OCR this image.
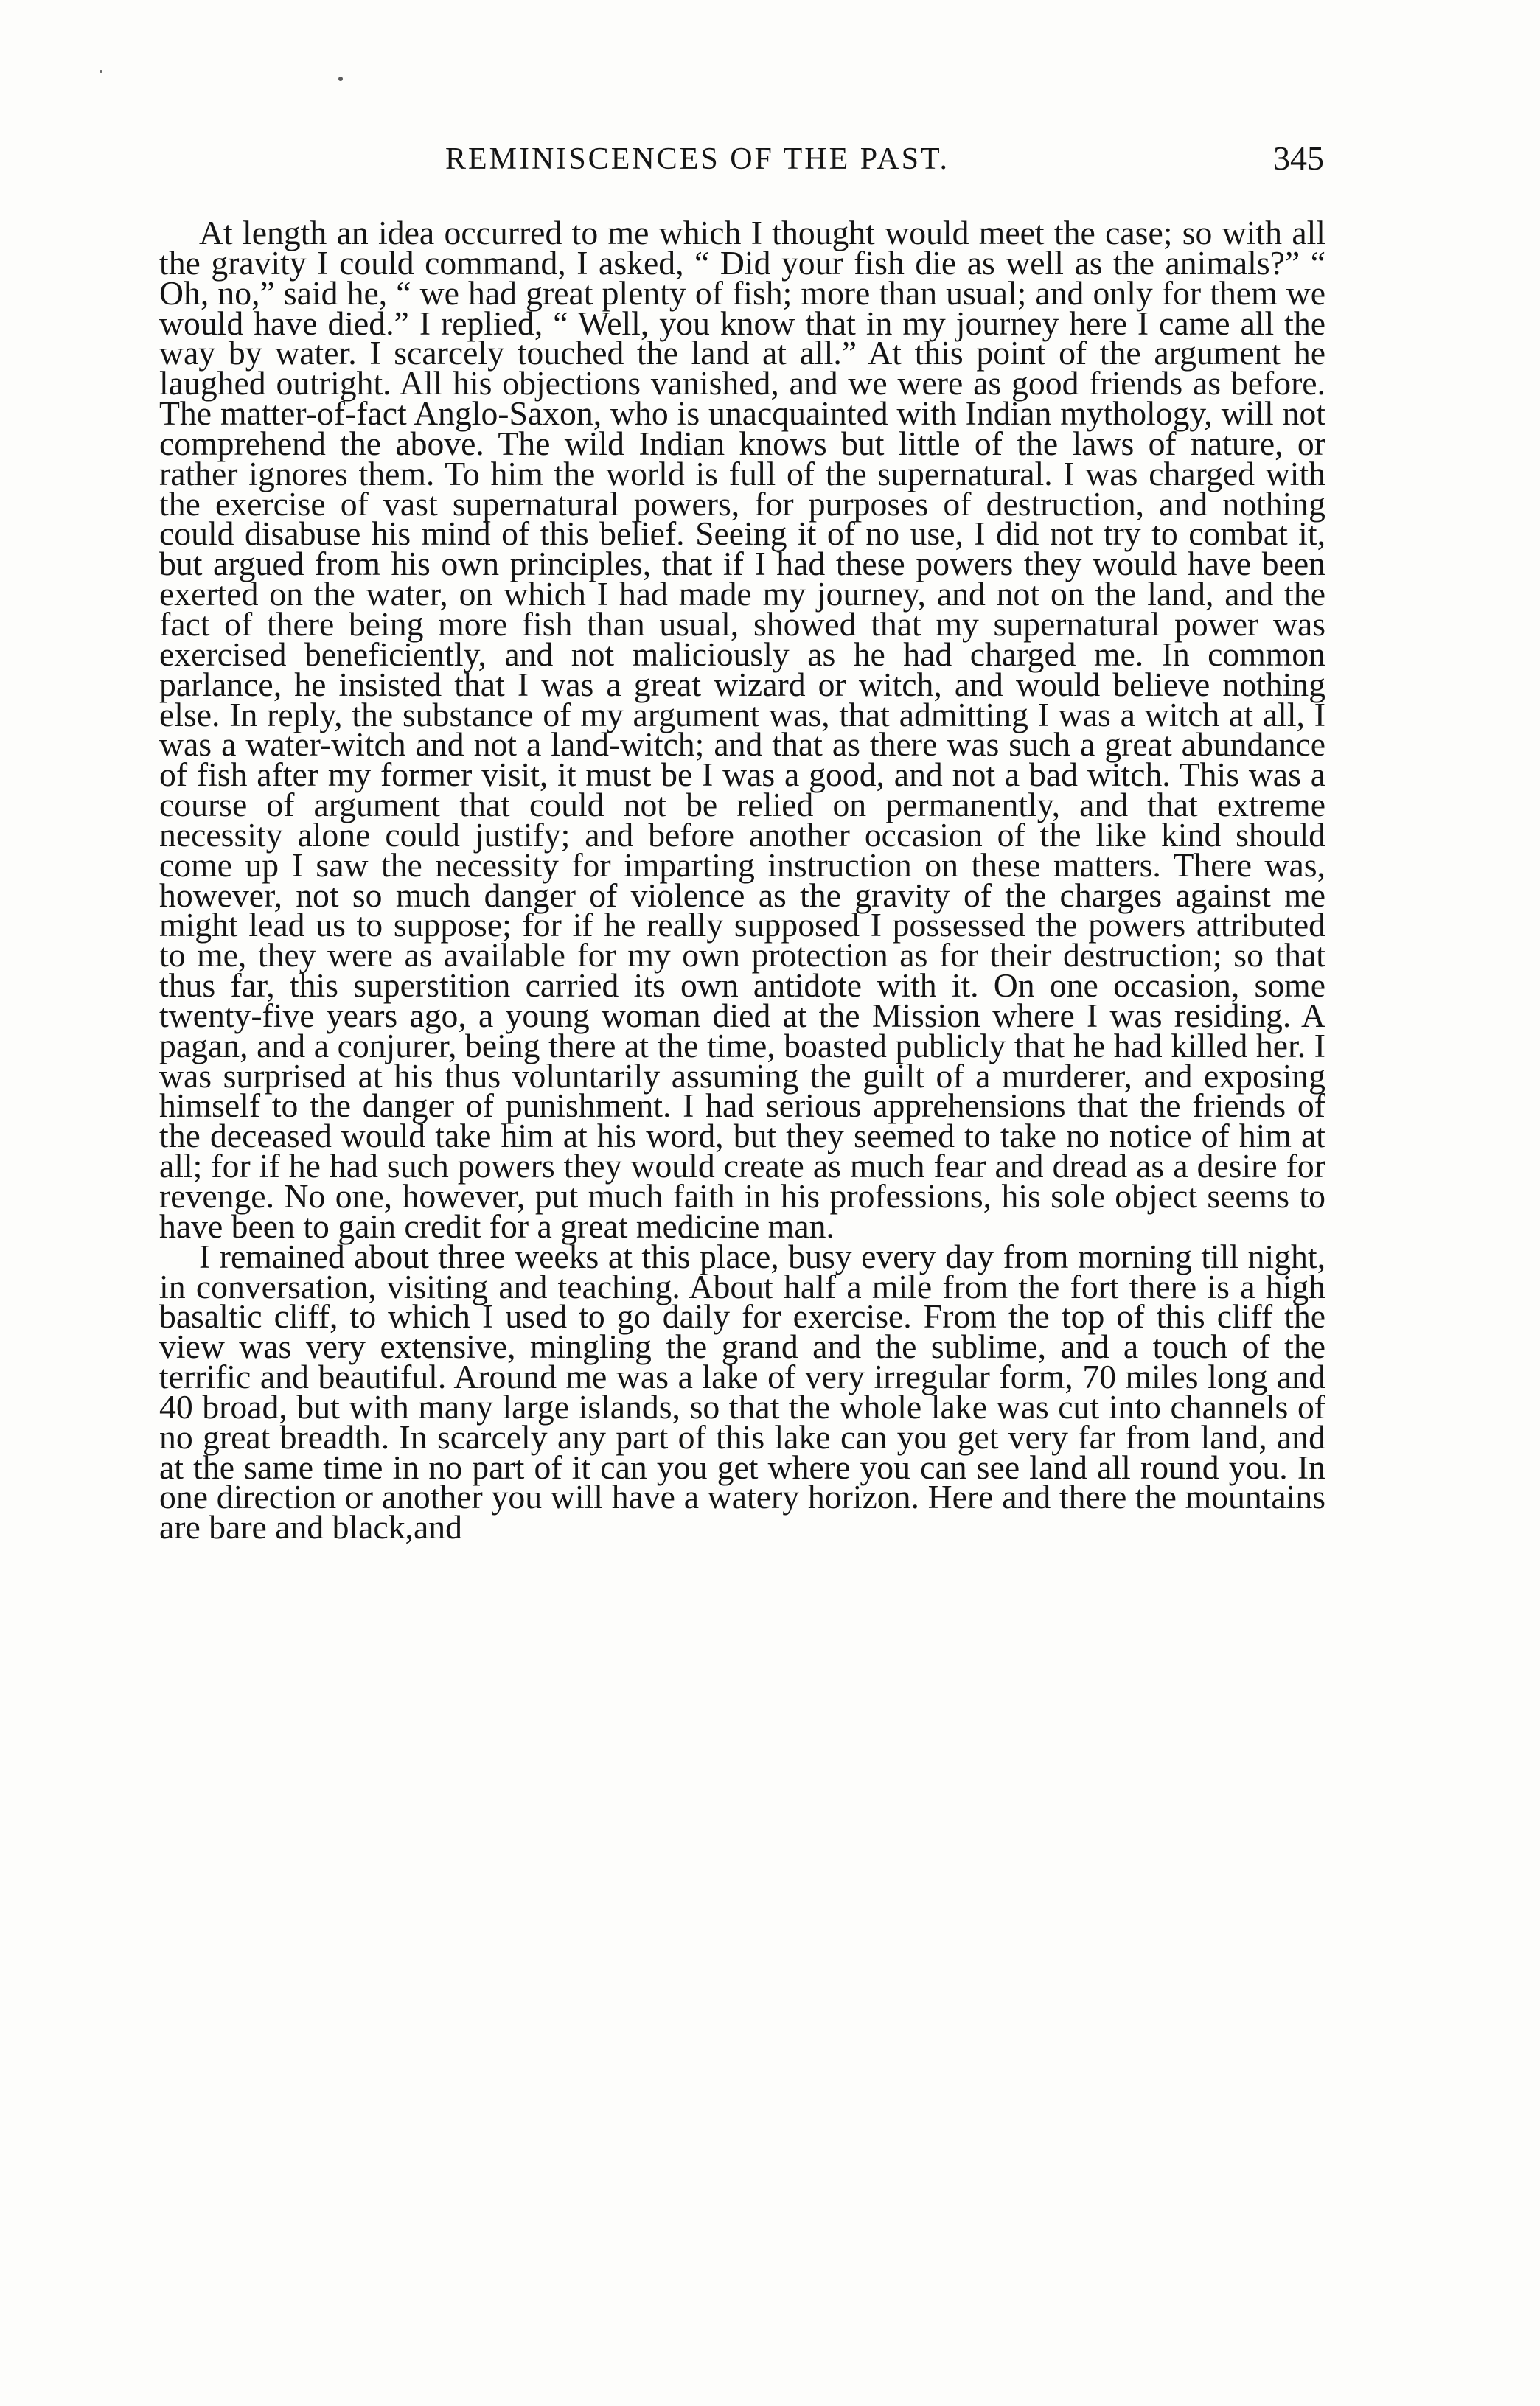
REMINISCENCES OF THE PAST.	345

At length an idea occurred to me which I thought would meet the case; so with all the gravity I could command, I asked, “ Did your fish die as well as the animals?” “ Oh, no,” said he, “ we had great plenty of fish; more than usual; and only for them we would have died.” I replied, “ Well, you know that in my journey here I came all the way by water. I scarcely touched the land at all.” At this point of the argument he laughed outright. All his objections vanished, and we were as good friends as before. The matter-of-fact Anglo-Saxon, who is unacquainted with Indian mythology, will not comprehend the above. The wild Indian knows but little of the laws of nature, or rather ignores them. To him the world is full of the supernatural. I was charged with the exercise of vast supernatural powers, for purposes of destruction, and nothing could disabuse his mind of this belief. Seeing it of no use, I did not try to combat it, but argued from his own principles, that if I had these powers they would have been exerted on the water, on which I had made my journey, and not on the land, and the fact of there being more fish than usual, showed that my supernatural power was exercised beneficiently, and not maliciously as he had charged me. In common parlance, he insisted that I was a great wizard or witch, and would believe nothing else. In reply, the substance of my argument was, that admitting I was a witch at all, I was a water-witch and not a land-witch; and that as there was such a great abundance of fish after my former visit, it must be I was a good, and not a bad witch. This was a course of argument that could not be relied on permanently, and that extreme necessity alone could justify; and before another occasion of the like kind should come up I saw the necessity for imparting instruction on these matters. There was, however, not so much danger of violence as the gravity of the charges against me might lead us to suppose; for if he really supposed I possessed the powers attributed to me, they were as available for my own protection as for their destruction; so that thus far, this superstition carried its own antidote with it. On one occasion, some twenty-five years ago, a young woman died at the Mission where I was residing. A pagan, and a conjurer, being there at the time, boasted publicly that he had killed her. I was surprised at his thus voluntarily assuming the guilt of a murderer, and exposing himself to the danger of punishment. I had serious apprehensions that the friends of the deceased would take him at his word, but they seemed to take no notice of him at all; for if he had such powers they would create as much fear and dread as a desire for revenge. No one, however, put much faith in his professions, his sole object seems to have been to gain credit for a great medicine man.

I remained about three weeks at this place, busy every day from morning till night, in conversation, visiting and teaching. About half a mile from the fort there is a high basaltic cliff, to which I used to go daily for exercise. From the top of this cliff the view was very extensive, mingling the grand and the sublime, and a touch of the terrific and beautiful. Around me was a lake of very irregular form, 70 miles long and 40 broad, but with many large islands, so that the whole lake was cut into channels of no great breadth. In scarcely any part of this lake can you get very far from land, and at the same time in no part of it can you get where you can see land all round you. In one direction or another you will have a watery horizon. Here and there the mountains are bare and black,and
